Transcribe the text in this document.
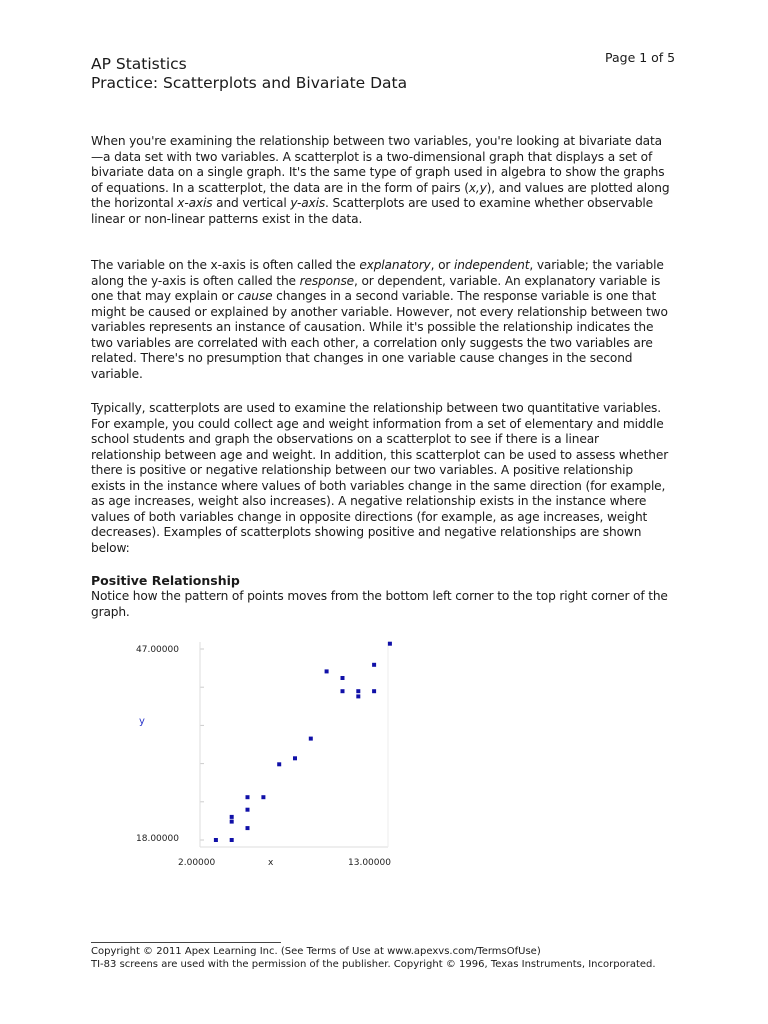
Page 1 of 5
AP Statistics
Practice: Scatterplots and Bivariate Data

When you're examining the relationship between two variables, you're looking at bivariate data—a data set with two variables. A scatterplot is a two-dimensional graph that displays a set of bivariate data on a single graph. It's the same type of graph used in algebra to show the graphs of equations. In a scatterplot, the data are in the form of pairs (x,y), and values are plotted along the horizontal x-axis and vertical y-axis. Scatterplots are used to examine whether observable linear or non-linear patterns exist in the data.

The variable on the x-axis is often called the explanatory, or independent, variable; the variable along the y-axis is often called the response, or dependent, variable. An explanatory variable is one that may explain or cause changes in a second variable. The response variable is one that might be caused or explained by another variable. However, not every relationship between two variables represents an instance of causation. While it's possible the relationship indicates the two variables are correlated with each other, a correlation only suggests the two variables are related. There's no presumption that changes in one variable cause changes in the second variable.

Typically, scatterplots are used to examine the relationship between two quantitative variables. For example, you could collect age and weight information from a set of elementary and middle school students and graph the observations on a scatterplot to see if there is a linear relationship between age and weight. In addition, this scatterplot can be used to assess whether there is positive or negative relationship between our two variables. A positive relationship exists in the instance where values of both variables change in the same direction (for example, as age increases, weight also increases). A negative relationship exists in the instance where values of both variables change in opposite directions (for example, as age increases, weight decreases). Examples of scatterplots showing positive and negative relationships are shown below:

Positive Relationship

Notice how the pattern of points moves from the bottom left corner to the top right corner of the graph.

47.00000
18.00000
y
2.00000	x	13.00000
Copyright © 2011 Apex Learning Inc. (See Terms of Use at www.apexvs.com/TermsOfUse)
TI-83 screens are used with the permission of the publisher. Copyright © 1996, Texas Instruments, Incorporated.
